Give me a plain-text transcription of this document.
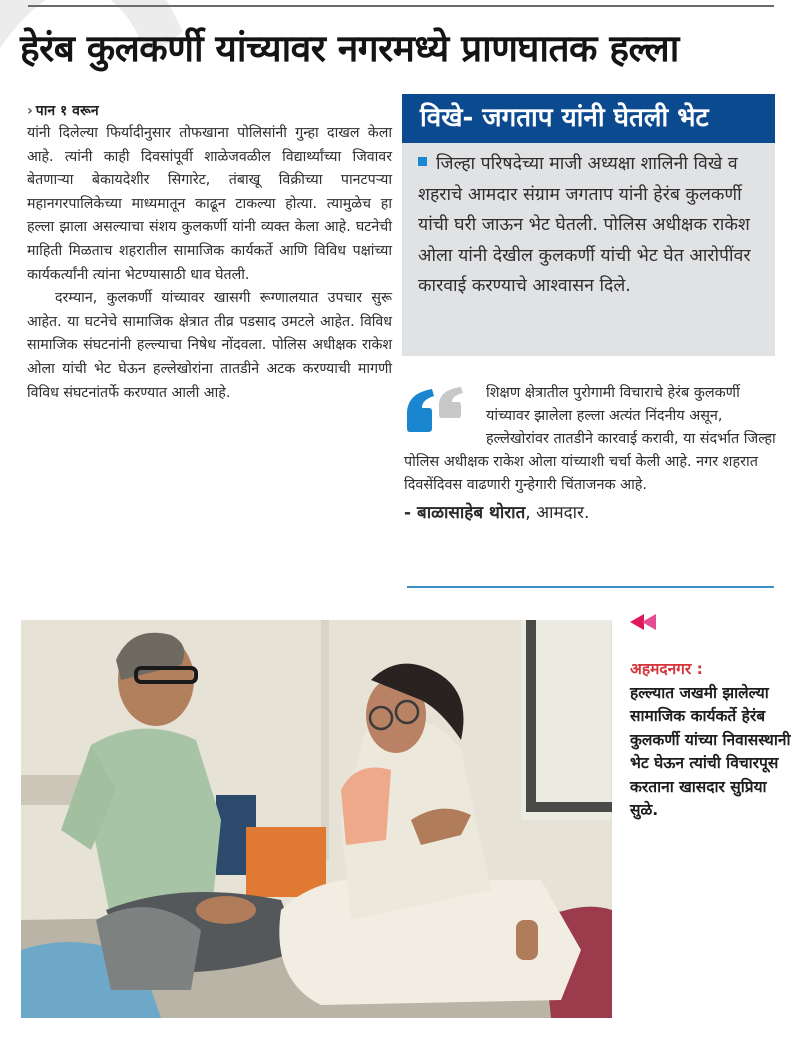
हेरंब कुलकर्णी यांच्यावर नगरमध्ये प्राणघातक हल्ला
› पान १ वरून

यांनी दिलेल्या फिर्यादीनुसार तोफखाना पोलिसांनी गुन्हा दाखल केला आहे. त्यांनी काही दिवसांपूर्वी शाळेजवळील विद्यार्थ्यांच्या जिवावर बेतणाऱ्या बेकायदेशीर सिगारेट, तंबाखू विक्रीच्या पानटपऱ्या महानगरपालिकेच्या माध्यमातून काढून टाकल्या होत्या. त्यामुळेच हा हल्ला झाला असल्याचा संशय कुलकर्णी यांनी व्यक्त केला आहे. घटनेची माहिती मिळताच शहरातील सामाजिक कार्यकर्ते आणि विविध पक्षांच्या कार्यकर्त्यांनी त्यांना भेटण्यासाठी धाव घेतली.

दरम्यान, कुलकर्णी यांच्यावर खासगी रूग्णालयात उपचार सुरू आहेत. या घटनेचे सामाजिक क्षेत्रात तीव्र पडसाद उमटले आहेत. विविध सामाजिक संघटनांनी हल्ल्याचा निषेध नोंदवला. पोलिस अधीक्षक राकेश ओला यांची भेट घेऊन हल्लेखोरांना तातडीने अटक करण्याची मागणी विविध संघटनांतर्फे करण्यात आली आहे.

विखे- जगताप यांनी घेतली भेट
जिल्हा परिषदेच्या माजी अध्यक्षा शालिनी विखे व शहराचे आमदार संग्राम जगताप यांनी हेरंब कुलकर्णी यांची घरी जाऊन भेट घेतली. पोलिस अधीक्षक राकेश ओला यांनी देखील कुलकर्णी यांची भेट घेत आरोपींवर कारवाई करण्याचे आश्वासन दिले.

शिक्षण क्षेत्रातील पुरोगामी विचाराचे हेरंब कुलकर्णी यांच्यावर झालेला हल्ला अत्यंत निंदनीय असून, हल्लेखोरांवर तातडीने कारवाई करावी, या संदर्भात जिल्हा पोलिस अधीक्षक राकेश ओला यांच्याशी चर्चा केली आहे. नगर शहरात दिवसेंदिवस वाढणारी गुन्हेगारी चिंताजनक आहे.

- बाळासाहेब थोरात, आमदार.
अहमदनगर :
हल्ल्यात जखमी झालेल्या सामाजिक कार्यकर्ते हेरंब कुलकर्णी यांच्या निवासस्थानी भेट घेऊन त्यांची विचारपूस करताना खासदार सुप्रिया सुळे.
